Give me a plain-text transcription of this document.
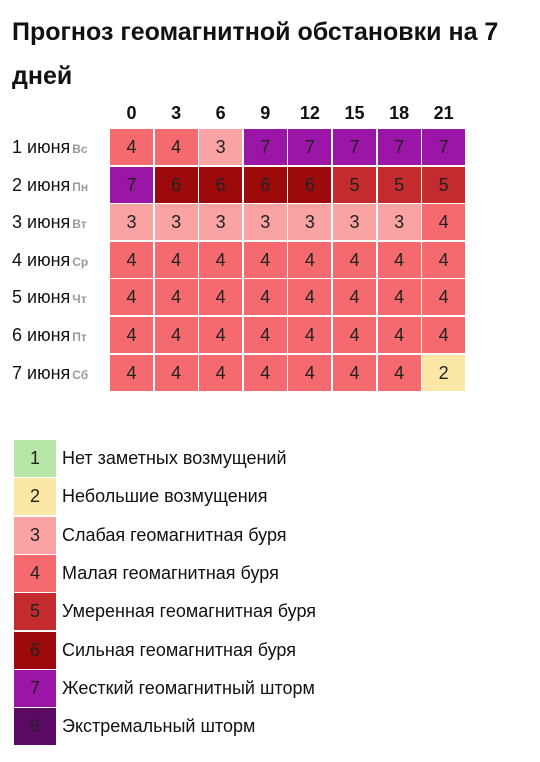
Прогноз геомагнитной обстановки на 7 дней
0	3	6	9	12	15	18	21
1 июня Вс	4	4	3	7	7	7	7	7
2 июня Пн	7	6	6	6	6	5	5	5
3 июня Вт	3	3	3	3	3	3	3	4
4 июня Ср	4	4	4	4	4	4	4	4
5 июня Чт	4	4	4	4	4	4	4	4
6 июня Пт	4	4	4	4	4	4	4	4
7 июня Сб	4	4	4	4	4	4	4	2
1	Нет заметных возмущений
2	Небольшие возмущения
3	Слабая геомагнитная буря
4	Малая геомагнитная буря
5	Умеренная геомагнитная буря
6	Сильная геомагнитная буря
7	Жесткий геомагнитный шторм
8	Экстремальный шторм
